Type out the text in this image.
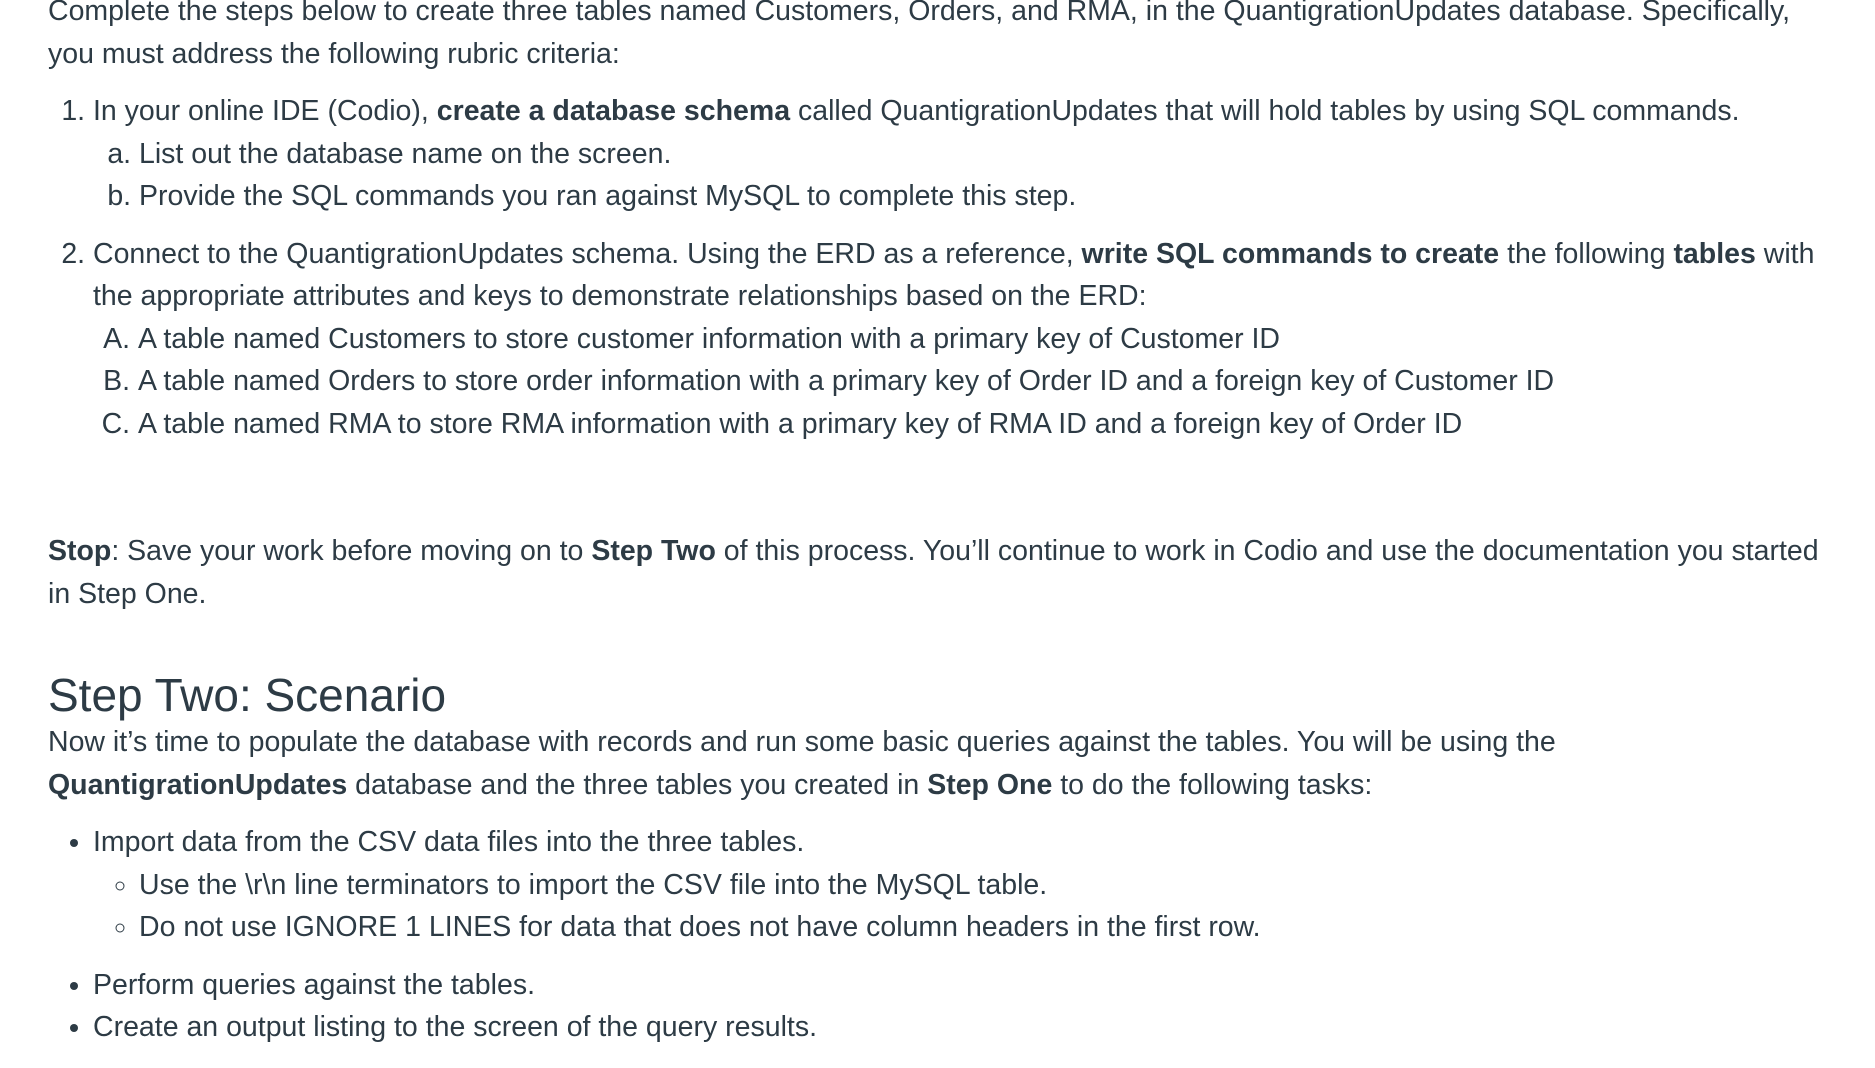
Complete the steps below to create three tables named Customers, Orders, and RMA, in the QuantigrationUpdates database. Specifically, you must address the following rubric criteria:

1. In your online IDE (Codio), create a database schema called QuantigrationUpdates that will hold tables by using SQL commands.
a. List out the database name on the screen.
b. Provide the SQL commands you ran against MySQL to complete this step.
2. Connect to the QuantigrationUpdates schema. Using the ERD as a reference, write SQL commands to create the following tables with the appropriate attributes and keys to demonstrate relationships based on the ERD:
A. A table named Customers to store customer information with a primary key of Customer ID
B. A table named Orders to store order information with a primary key of Order ID and a foreign key of Customer ID
C. A table named RMA to store RMA information with a primary key of RMA ID and a foreign key of Order ID

Stop: Save your work before moving on to Step Two of this process. You’ll continue to work in Codio and use the documentation you started in Step One.

Step Two: Scenario

Now it’s time to populate the database with records and run some basic queries against the tables. You will be using the QuantigrationUpdates database and the three tables you created in Step One to do the following tasks:

• Import data from the CSV data files into the three tables.
◦ Use the \r\n line terminators to import the CSV file into the MySQL table.
◦ Do not use IGNORE 1 LINES for data that does not have column headers in the first row.
• Perform queries against the tables.
• Create an output listing to the screen of the query results.
